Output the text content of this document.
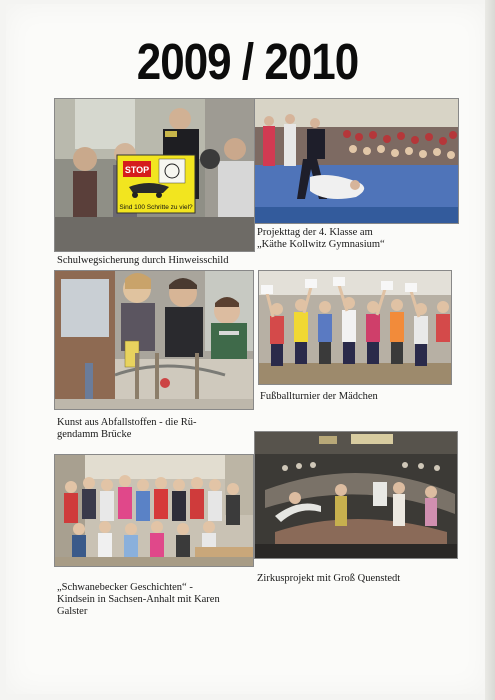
2009 / 2010
STOP
Sind 100 Schritte zu viel?
Schulwegsicherung durch Hinweisschild
Projekttag der 4. Klasse am
„Käthe Kollwitz Gymnasium“
Fußballturnier der Mädchen
Kunst aus Abfallstoffen - die Rü-
gendamm Brücke
Zirkusprojekt mit Groß Quenstedt
„Schwanebecker Geschichten“ -
Kindsein in Sachsen-Anhalt mit Karen
Galster
